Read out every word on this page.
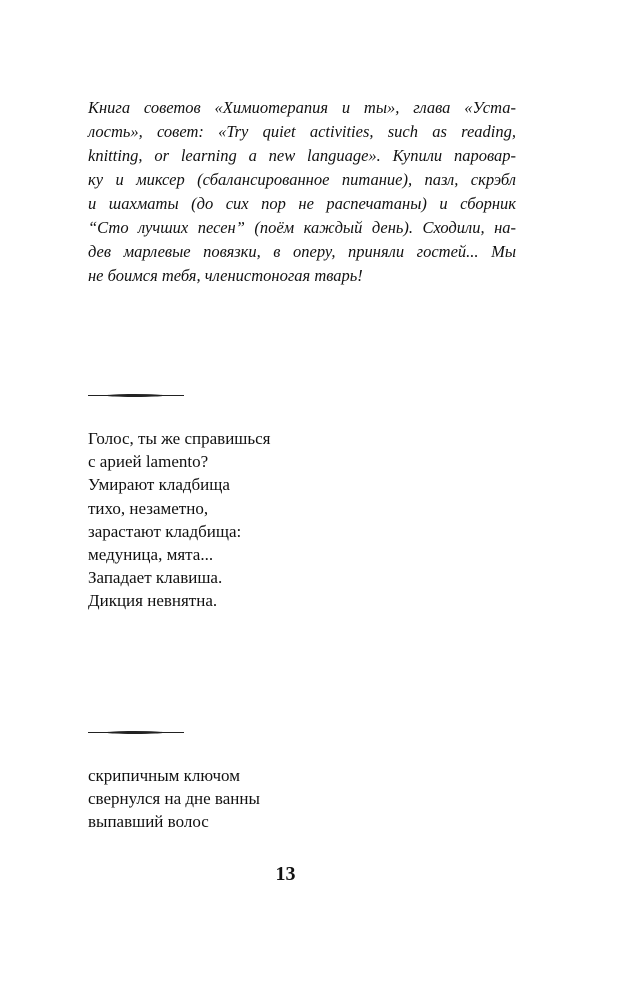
Книга советов «Химиотерапия и ты», глава «Уста-
лость», совет: «Try quiet activities, such as reading,
knitting, or learning a new language». Купили паровар-
ку и миксер (сбалансированное питание), пазл, скрэбл
и шахматы (до сих пор не распечатаны) и сборник
“Сто лучших песен” (поём каждый день). Сходили, на-
дев марлевые повязки, в оперу, приняли гостей... Мы
не боимся тебя, членистоногая тварь!
Голос, ты же справишься
с арией lamento?
Умирают кладбища
тихо, незаметно,
зарастают кладбища:
медуница, мята...
Западает клавиша.
Дикция невнятна.
скрипичным ключом
свернулся на дне ванны
выпавший волос
13
